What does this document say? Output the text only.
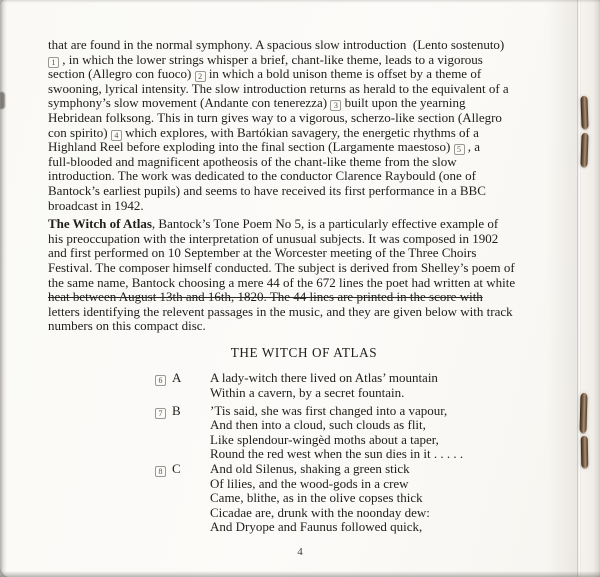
that are found in the normal symphony. A spacious slow introduction  (Lento sostenuto)
1 , in which the lower strings whisper a brief, chant-like theme, leads to a vigorous
section (Allegro con fuoco) 2 in which a bold unison theme is offset by a theme of
swooning, lyrical intensity. The slow introduction returns as herald to the equivalent of a
symphony’s slow movement (Andante con tenerezza) 3 built upon the yearning
Hebridean folksong. This in turn gives way to a vigorous, scherzo-like section (Allegro
con spirito) 4 which explores, with Bartókian savagery, the energetic rhythms of a
Highland Reel before exploding into the final section (Largamente maestoso) 5 , a
full-blooded and magnificent apotheosis of the chant-like theme from the slow
introduction. The work was dedicated to the conductor Clarence Raybould (one of
Bantock’s earliest pupils) and seems to have received its first performance in a BBC
broadcast in 1942.
The Witch of Atlas, Bantock’s Tone Poem No 5, is a particularly effective example of
his preoccupation with the interpretation of unusual subjects. It was composed in 1902
and first performed on 10 September at the Worcester meeting of the Three Choirs
Festival. The composer himself conducted. The subject is derived from Shelley’s poem of
the same name, Bantock choosing a mere 44 of the 672 lines the poet had written at white
heat between August 13th and 16th, 1820. The 44 lines are printed in the score with
letters identifying the relevent passages in the music, and they are given below with track
numbers on this compact disc.
THE WITCH OF ATLAS
6 A	A lady-witch there lived on Atlas’ mountain
Within a cavern, by a secret fountain.
7 B	’Tis said, she was first changed into a vapour,
And then into a cloud, such clouds as flit,
Like splendour-wingèd moths about a taper,
Round the red west when the sun dies in it . . . . .
8 C	And old Silenus, shaking a green stick
Of lilies, and the wood-gods in a crew
Came, blithe, as in the olive copses thick
Cicadae are, drunk with the noonday dew:
And Dryope and Faunus followed quick,
4
